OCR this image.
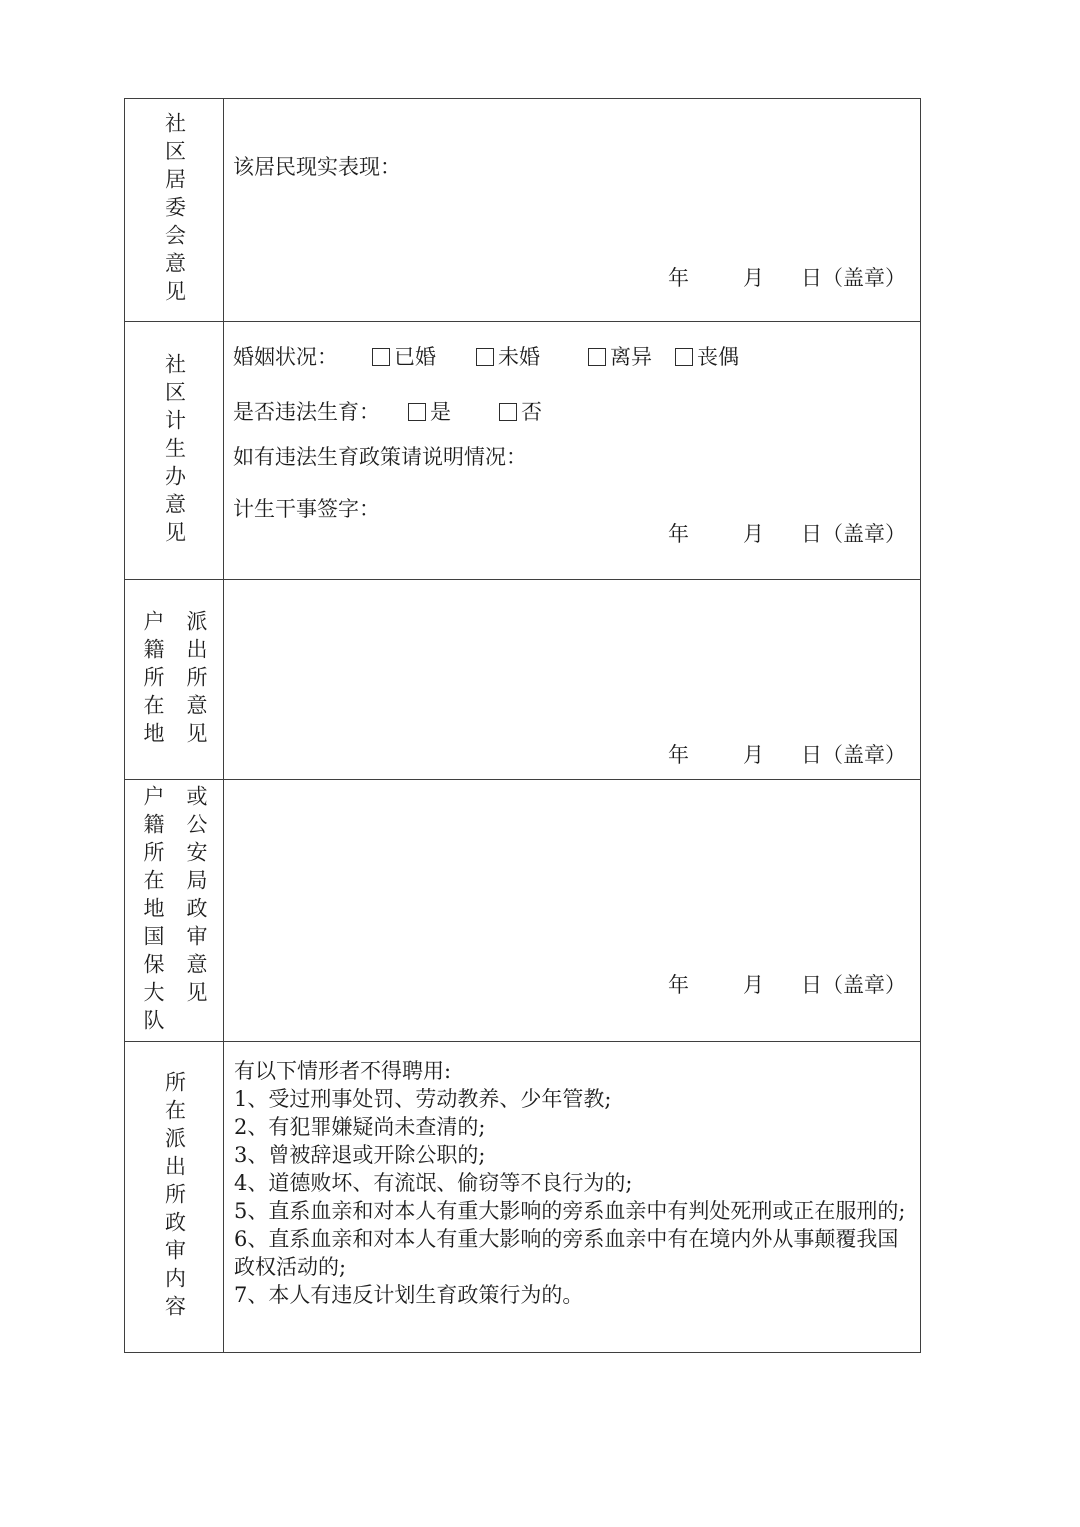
社区居委会意见 该居民现实表现：
年	月 日（盖章）
社区计生办意见 婚姻状况：	已婚	未婚	离异 丧偶
是否违法生育： 是	否
如有违法生育政策请说明情况：
计生干事签字：
年	月 日（盖章）
户籍所在地 派出所意见
年	月 日（盖章）
户籍所在地国保大队 或公安局政审意见	年	月 日（盖章）
所在派出所政审内容 有以下情形者不得聘用:
1、受过刑事处罚、劳动教养、少年管教;
2、有犯罪嫌疑尚未查清的;
3、曾被辞退或开除公职的;
4、道德败坏、有流氓、偷窃等不良行为的;
5、直系血亲和对本人有重大影响的旁系血亲中有判处死刑或正在服刑的;
6、直系血亲和对本人有重大影响的旁系血亲中有在境内外从事颠覆我国政权活动的;
7、本人有违反计划生育政策行为的。
